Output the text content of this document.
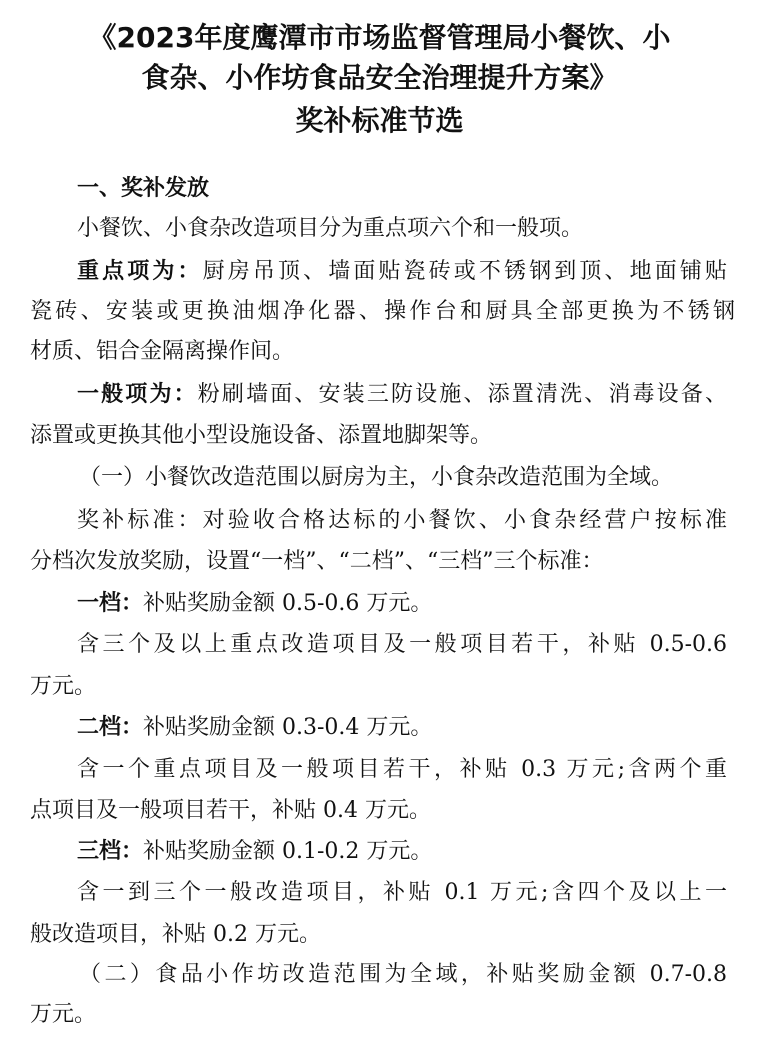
《2023年度鹰潭市市场监督管理局小餐饮、小
食杂、小作坊食品安全治理提升方案》
奖补标准节选
一、奖补发放
小餐饮、小食杂改造项目分为重点项六个和一般项。
重点项为：厨房吊顶、墙面贴瓷砖或不锈钢到顶、地面铺贴
瓷砖、安装或更换油烟净化器、操作台和厨具全部更换为不锈钢
材质、铝合金隔离操作间。
一般项为：粉刷墙面、安装三防设施、添置清洗、消毒设备、
添置或更换其他小型设施设备、添置地脚架等。
（一）小餐饮改造范围以厨房为主，小食杂改造范围为全域。
奖补标准：对验收合格达标的小餐饮、小食杂经营户按标准
分档次发放奖励，设置“一档”、“二档”、“三档”三个标准：
一档：补贴奖励金额 0.5-0.6 万元。
含三个及以上重点改造项目及一般项目若干，补贴 0.5-0.6
万元。
二档：补贴奖励金额 0.3-0.4 万元。
含一个重点项目及一般项目若干，补贴 0.3 万元;含两个重
点项目及一般项目若干，补贴 0.4 万元。
三档：补贴奖励金额 0.1-0.2 万元。
含一到三个一般改造项目，补贴 0.1 万元;含四个及以上一
般改造项目，补贴 0.2 万元。
（二）食品小作坊改造范围为全域，补贴奖励金额 0.7-0.8
万元。
